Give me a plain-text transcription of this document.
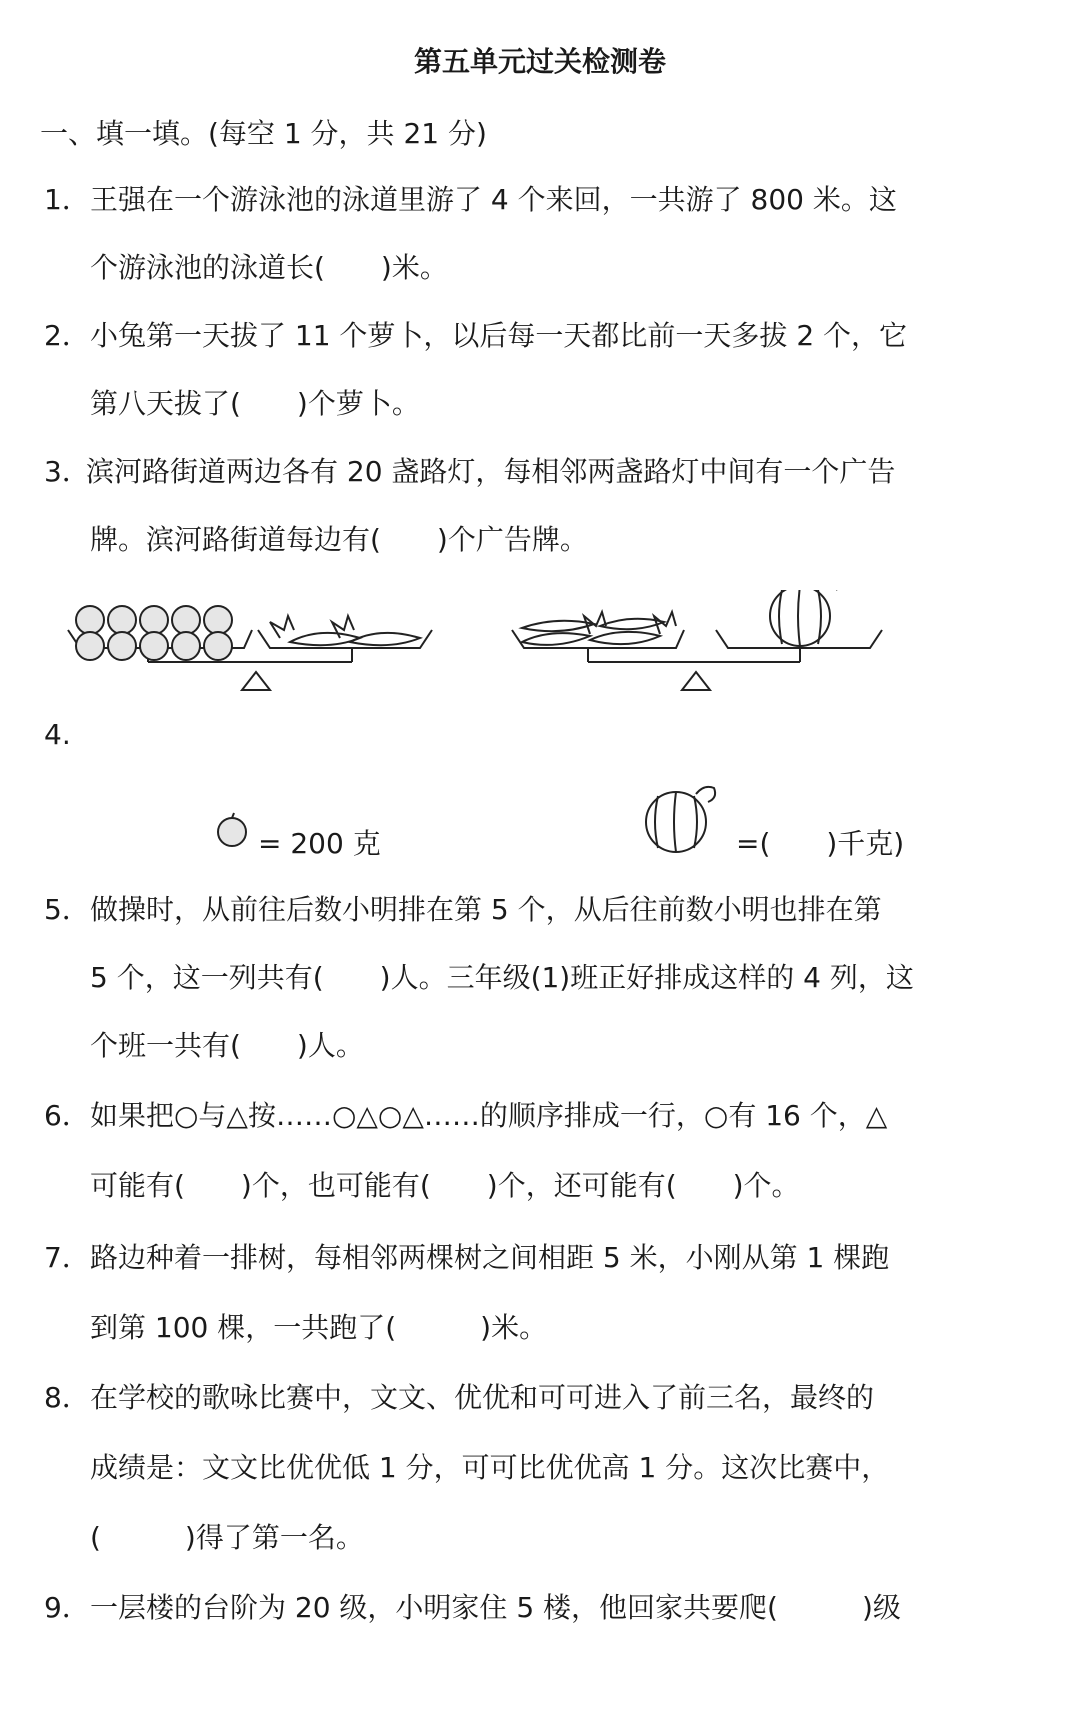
第五单元过关检测卷
一、填一填。(每空 1 分，共 21 分)
1． 王强在一个游泳池的泳道里游了 4 个来回，一共游了 800 米。这
个游泳池的泳道长(　　)米。
2． 小兔第一天拔了 11 个萝卜，以后每一天都比前一天多拔 2 个，它
第八天拔了(　　)个萝卜。
3．
滨河路街道两边各有 20 盏路灯，每相邻两盏路灯中间有一个广告
牌。滨河路街道每边有(　　)个广告牌。
4.
= 200 克	=(　　)千克)
5． 做操时，从前往后数小明排在第 5 个，从后往前数小明也排在第
5 个，这一列共有(　　)人。三年级(1)班正好排成这样的 4 列，这
个班一共有(　　)人。
6． 如果把○与△按……○△○△……的顺序排成一行，○有 16 个，△
可能有(　　)个，也可能有(　　)个，还可能有(　　)个。
7． 路边种着一排树，每相邻两棵树之间相距 5 米，小刚从第 1 棵跑
到第 100 棵，一共跑了(　　　)米。
8． 在学校的歌咏比赛中，文文、优优和可可进入了前三名，最终的
成绩是：文文比优优低 1 分，可可比优优高 1 分。这次比赛中，
(　　　)得了第一名。
9． 一层楼的台阶为 20 级，小明家住 5 楼，他回家共要爬(　　　)级
